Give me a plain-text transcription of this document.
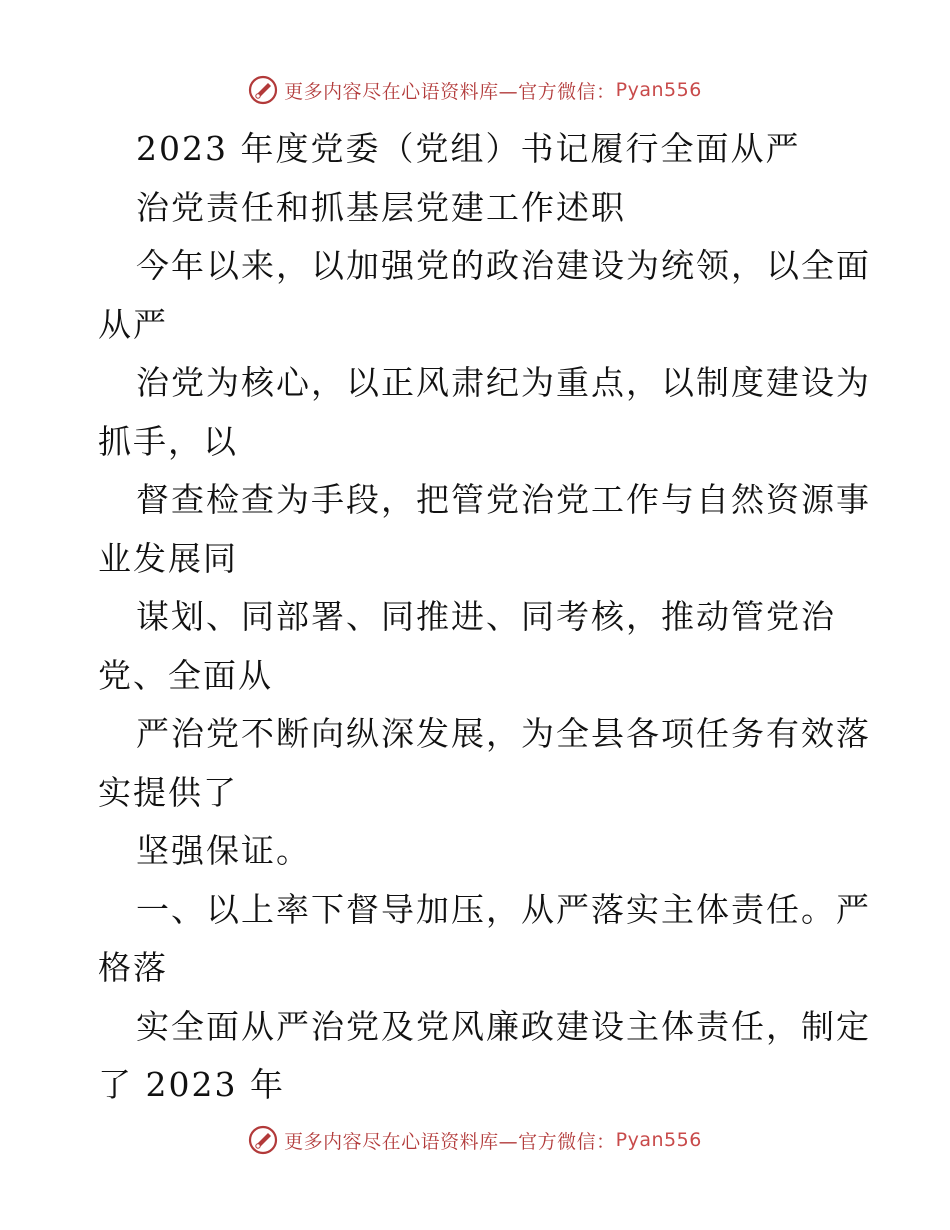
更多内容尽在心语资料库—官方微信： Pyan556
2023 年度党委（党组）书记履行全面从严
治党责任和抓基层党建工作述职
今年以来，以加强党的政治建设为统领，以全面
从严
治党为核心，以正风肃纪为重点，以制度建设为
抓手，以
督查检查为手段，把管党治党工作与自然资源事
业发展同
谋划、同部署、同推进、同考核，推动管党治
党、全面从
严治党不断向纵深发展，为全县各项任务有效落
实提供了
坚强保证。
一、以上率下督导加压，从严落实主体责任。严
格落
实全面从严治党及党风廉政建设主体责任，制定
了 2023 年
更多内容尽在心语资料库—官方微信： Pyan556
